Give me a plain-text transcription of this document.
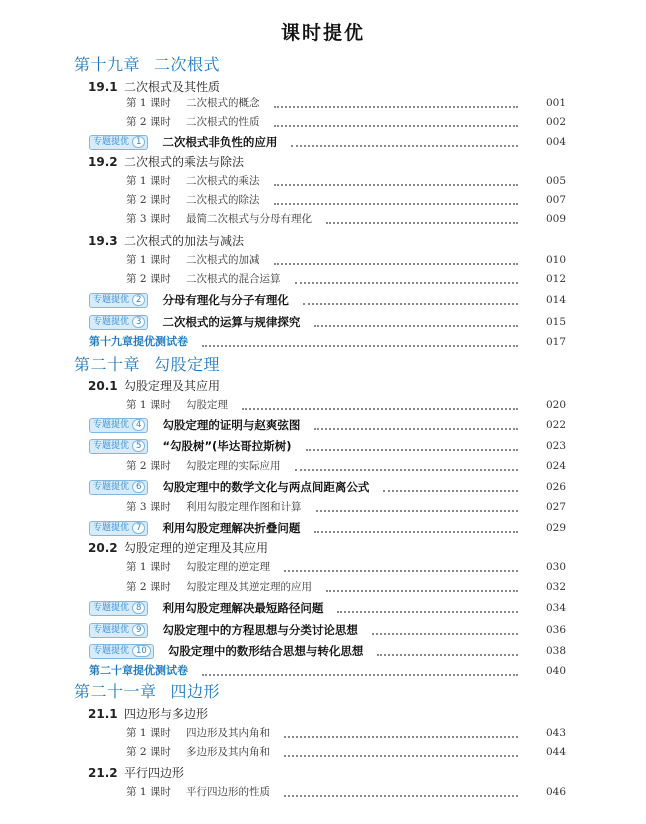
课时提优
第十九章 二次根式
19.1 二次根式及其性质
第 1 课时	二次根式的概念	001
第 2 课时	二次根式的性质	002
专题提优 1	二次根式非负性的应用	004
19.2 二次根式的乘法与除法
第 1 课时	二次根式的乘法	005
第 2 课时	二次根式的除法	007
第 3 课时	最简二次根式与分母有理化	009
19.3 二次根式的加法与减法
第 1 课时	二次根式的加减	010
第 2 课时	二次根式的混合运算	012
专题提优 2	分母有理化与分子有理化	014
专题提优 3	二次根式的运算与规律探究	015
第十九章提优测试卷	017
第二十章 勾股定理
20.1 勾股定理及其应用
第 1 课时	勾股定理	020
专题提优 4	勾股定理的证明与赵爽弦图	022
专题提优 5	“勾股树”(毕达哥拉斯树)	023
第 2 课时	勾股定理的实际应用	024
专题提优 6	勾股定理中的数学文化与两点间距离公式	026
第 3 课时	利用勾股定理作图和计算	027
专题提优 7	利用勾股定理解决折叠问题	029
20.2 勾股定理的逆定理及其应用
第 1 课时	勾股定理的逆定理	030
第 2 课时	勾股定理及其逆定理的应用	032
专题提优 8	利用勾股定理解决最短路径问题	034
专题提优 9	勾股定理中的方程思想与分类讨论思想	036
专题提优 10	勾股定理中的数形结合思想与转化思想	038
第二十章提优测试卷	040
第二十一章 四边形
21.1 四边形与多边形
第 1 课时	四边形及其内角和	043
第 2 课时	多边形及其内角和	044
21.2 平行四边形
第 1 课时	平行四边形的性质	046
